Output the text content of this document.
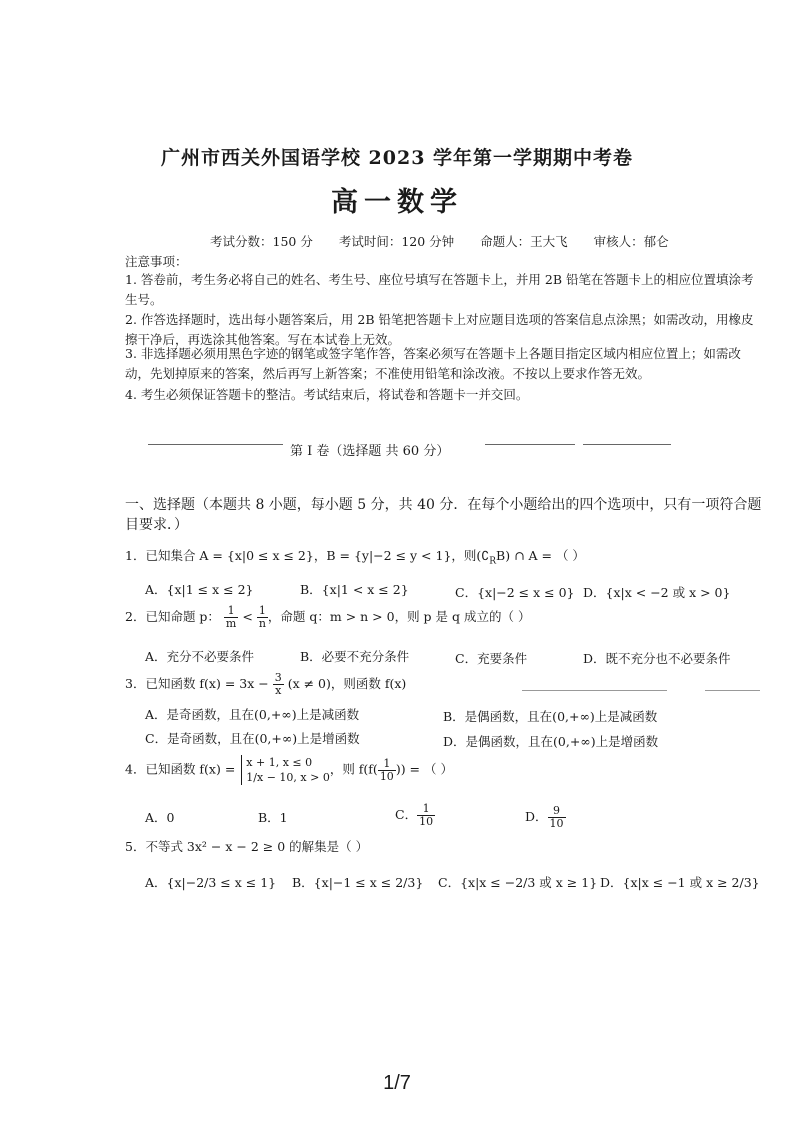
广州市西关外国语学校 2023 学年第一学期期中考卷
高一数学
考试分数：150 分 考试时间：120 分钟 命题人：王大飞 审核人：郁仑
注意事项：
1. 答卷前，考生务必将自己的姓名、考生号、座位号填写在答题卡上，并用 2B 铅笔在答题卡上的相应位置填涂考生号。
2. 作答选择题时，选出每小题答案后，用 2B 铅笔把答题卡上对应题目选项的答案信息点涂黑；如需改动，用橡皮擦干净后，再选涂其他答案。写在本试卷上无效。
3. 非选择题必须用黑色字迹的钢笔或签字笔作答，答案必须写在答题卡上各题目指定区域内相应位置上；如需改动，先划掉原来的答案，然后再写上新答案；不准使用铅笔和涂改液。不按以上要求作答无效。
4. 考生必须保证答题卡的整洁。考试结束后，将试卷和答题卡一并交回。
第 I 卷（选择题 共 60 分）
一、选择题（本题共 8 小题，每小题 5 分，共 40 分．在每个小题给出的四个选项中，只有一项符合题目要求．）
1．已知集合 A = {x|0 ≤ x ≤ 2}，B = {y|−2 ≤ y < 1}，则$(∁_RB)$ ∩ A = （ ）
A．{x|1 ≤ x ≤ 2}	B．{x|1 < x ≤ 2}	C．{x|−2 ≤ x ≤ 0} D．{x|x < −2 或 x > 0}
2．已知命题 p： $\frac{1}{m} < \frac{1}{n}$ ，命题 q：m > n > 0，则 p 是 q 成立的（ ）
A．充分不必要条件	B．必要不充分条件	C．充要条件	D．既不充分也不必要条件
3．已知函数 $f(x) = 3x - \frac{3}{x} (x \ne 0)$，则函数 f(x)
A．是奇函数，且在(0,+∞)上是减函数	B．是偶函数，且在(0,+∞)上是减函数
C．是奇函数，且在(0,+∞)上是增函数	D．是偶函数，且在(0,+∞)上是增函数
4．已知函数 f(x) = x + 1, x ≤ 0
1/x − 10, x > 0
，则 $f(f( \frac{1}{10}$ )) = （ ）
A．0	B．1	C． $\frac{1}{10}$	D． $\frac{9}{10}$
5．不等式 3x² − x − 2 ≥ 0 的解集是（ ）
A．{x|−2/3 ≤ x ≤ 1} B．{x|−1 ≤ x ≤ 2/3} C．{x|x ≤ −2/3 或 x ≥ 1} D．{x|x ≤ −1 或 x ≥ 2/3}
1/7
